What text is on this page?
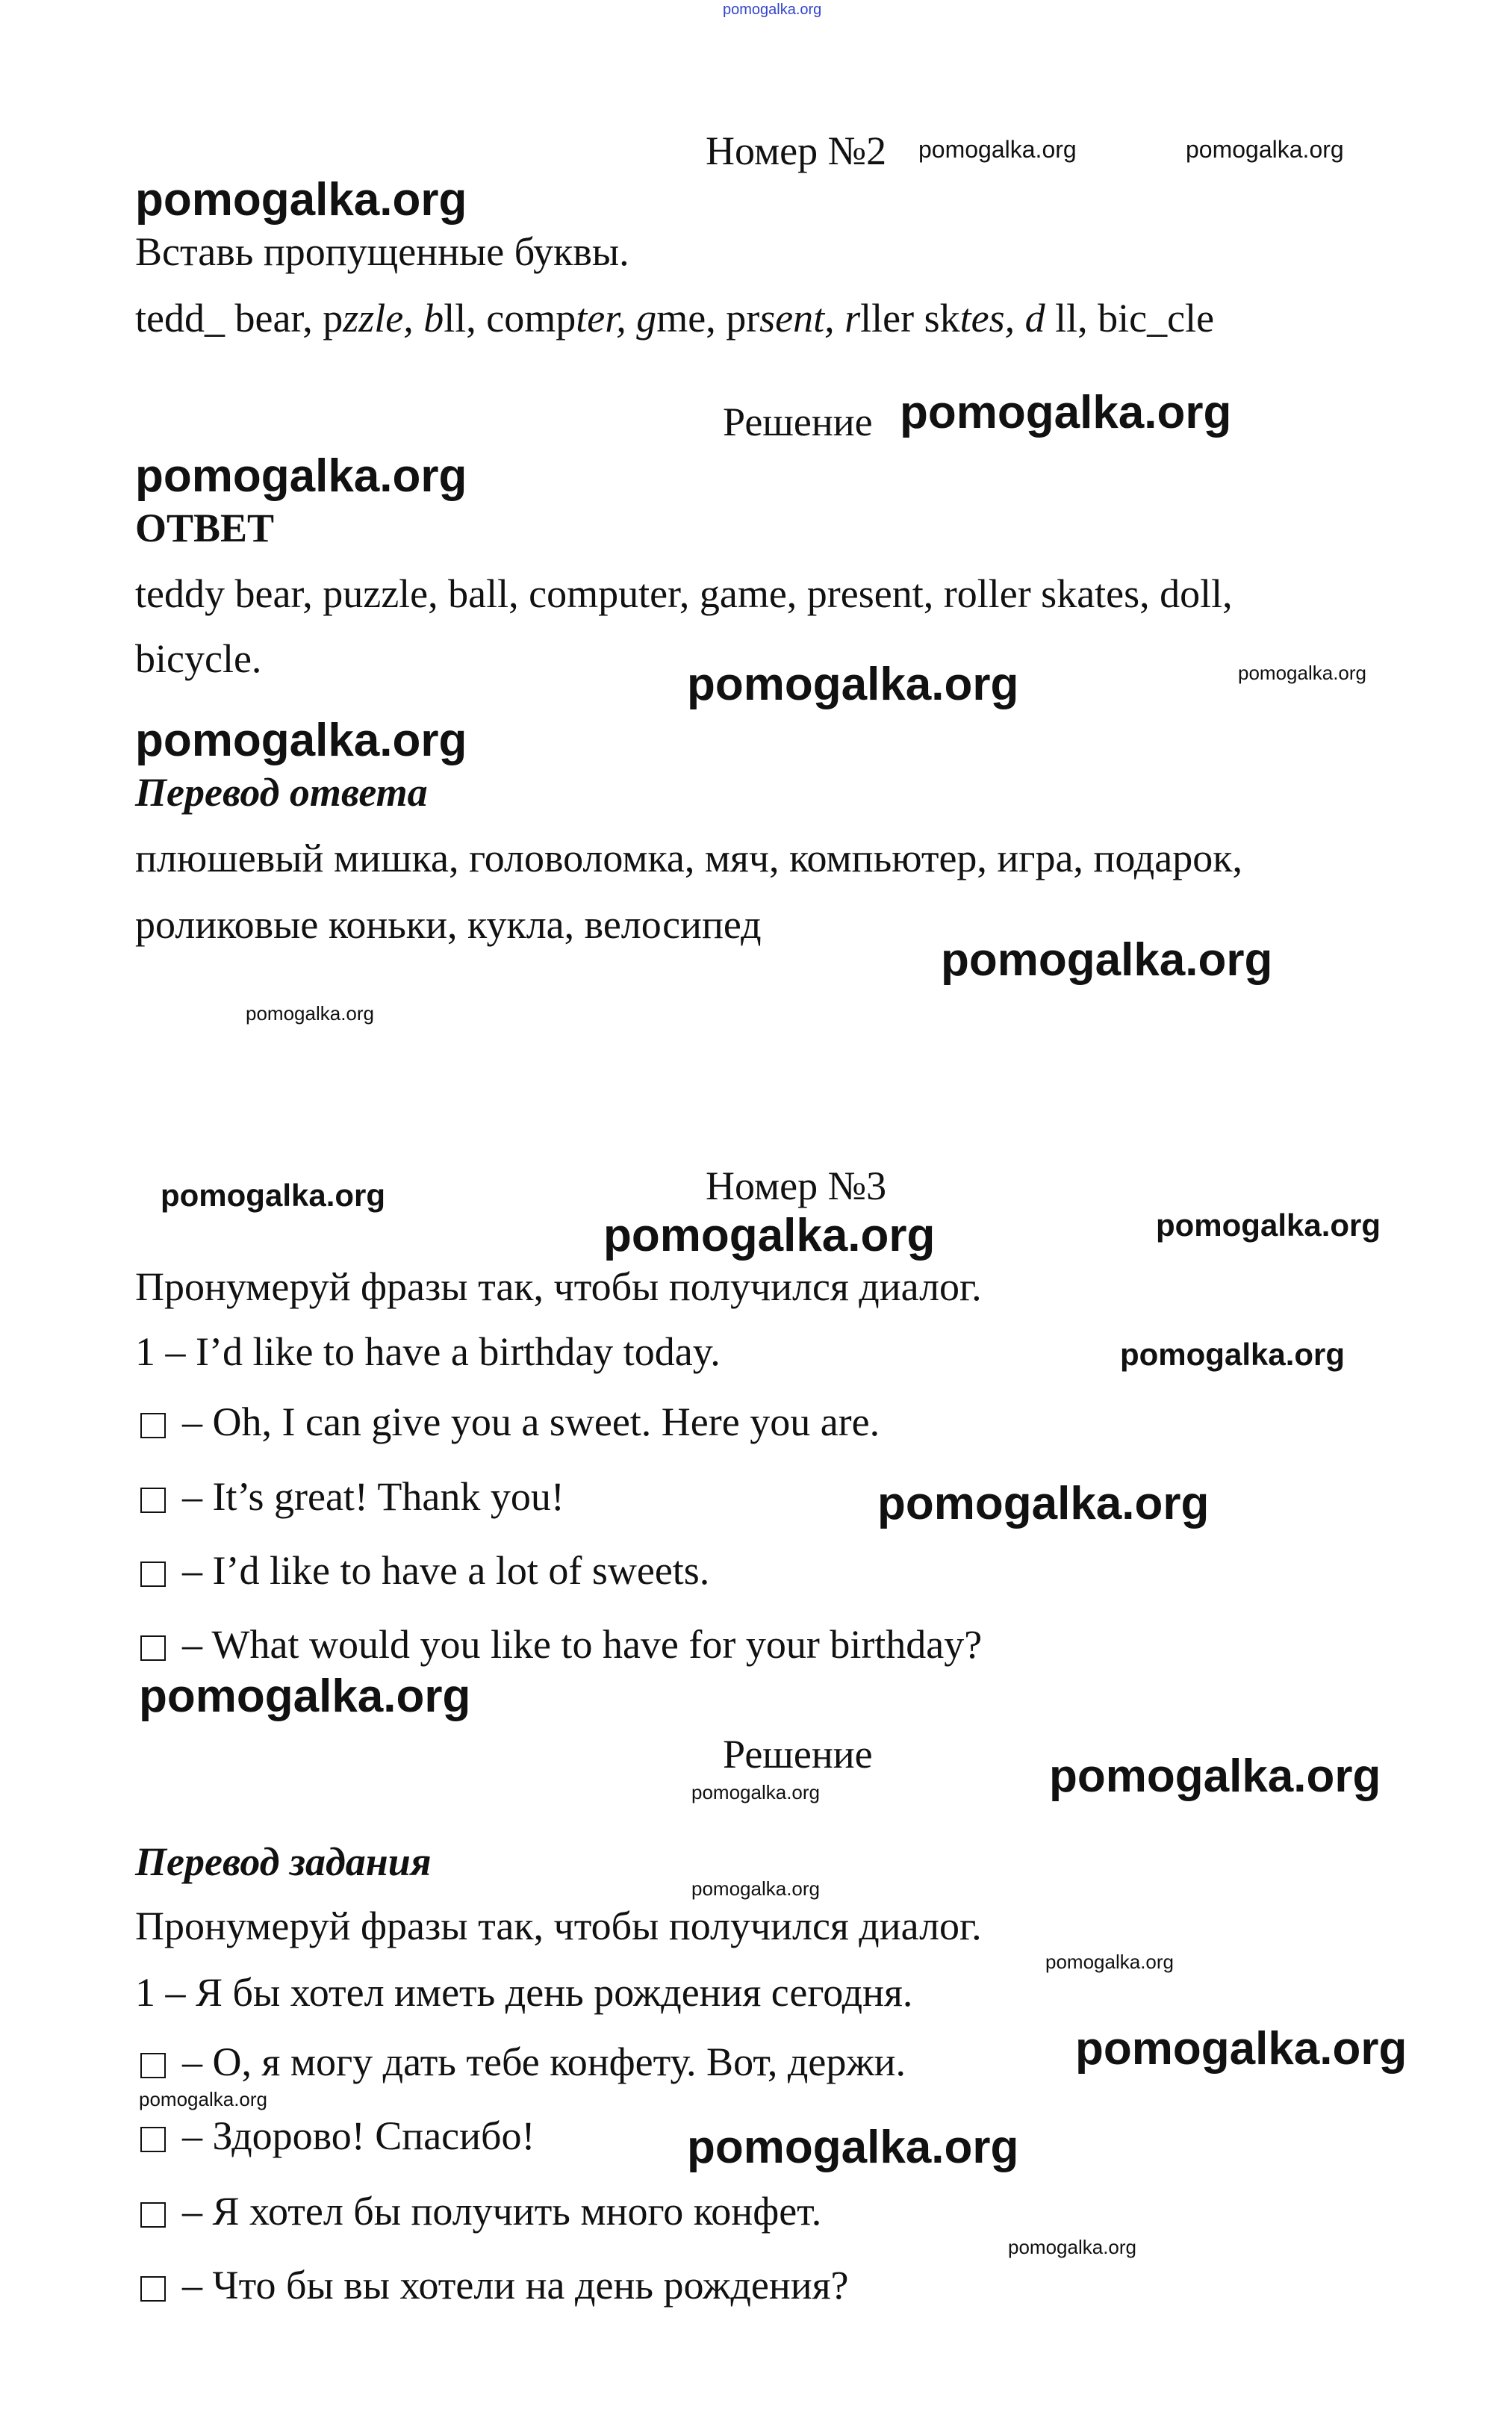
pomogalka.org
Номер №2 pomogalka.org	pomogalka.org
pomogalka.org
Вставь пропущенные буквы.
tedd_ bear, pzzle, bll, compter, gme, prsent, rller sktes, d ll, bic_cle
Решение pomogalka.org
pomogalka.org
ОТВЕТ
teddy bear, puzzle, ball, computer, game, present, roller skates, doll,
bicycle.	pomogalka.org	pomogalka.org
pomogalka.org
Перевод ответа
плюшевый мишка, головоломка, мяч, компьютер, игра, подарок,
роликовые коньки, кукла, велосипед
pomogalka.org
pomogalka.org
Номер №3
pomogalka.org
pomogalka.org	pomogalka.org
Пронумеруй фразы так, чтобы получился диалог.
1 – I’d like to have a birthday today.	pomogalka.org
– Oh, I can give you a sweet. Here you are.
– It’s great! Thank you!
– I’d like to have a lot of sweets.
– What would you like to have for your birthday?
pomogalka.org
pomogalka.org
Решение
pomogalka.org	pomogalka.org
Перевод задания
pomogalka.org
Пронумеруй фразы так, чтобы получился диалог.
pomogalka.org
1 – Я бы хотел иметь день рождения сегодня.
– О, я могу дать тебе конфету. Вот, держи.	pomogalka.org
pomogalka.org
– Здорово! Спасибо!	pomogalka.org
– Я хотел бы получить много конфет.
pomogalka.org
– Что бы вы хотели на день рождения?
